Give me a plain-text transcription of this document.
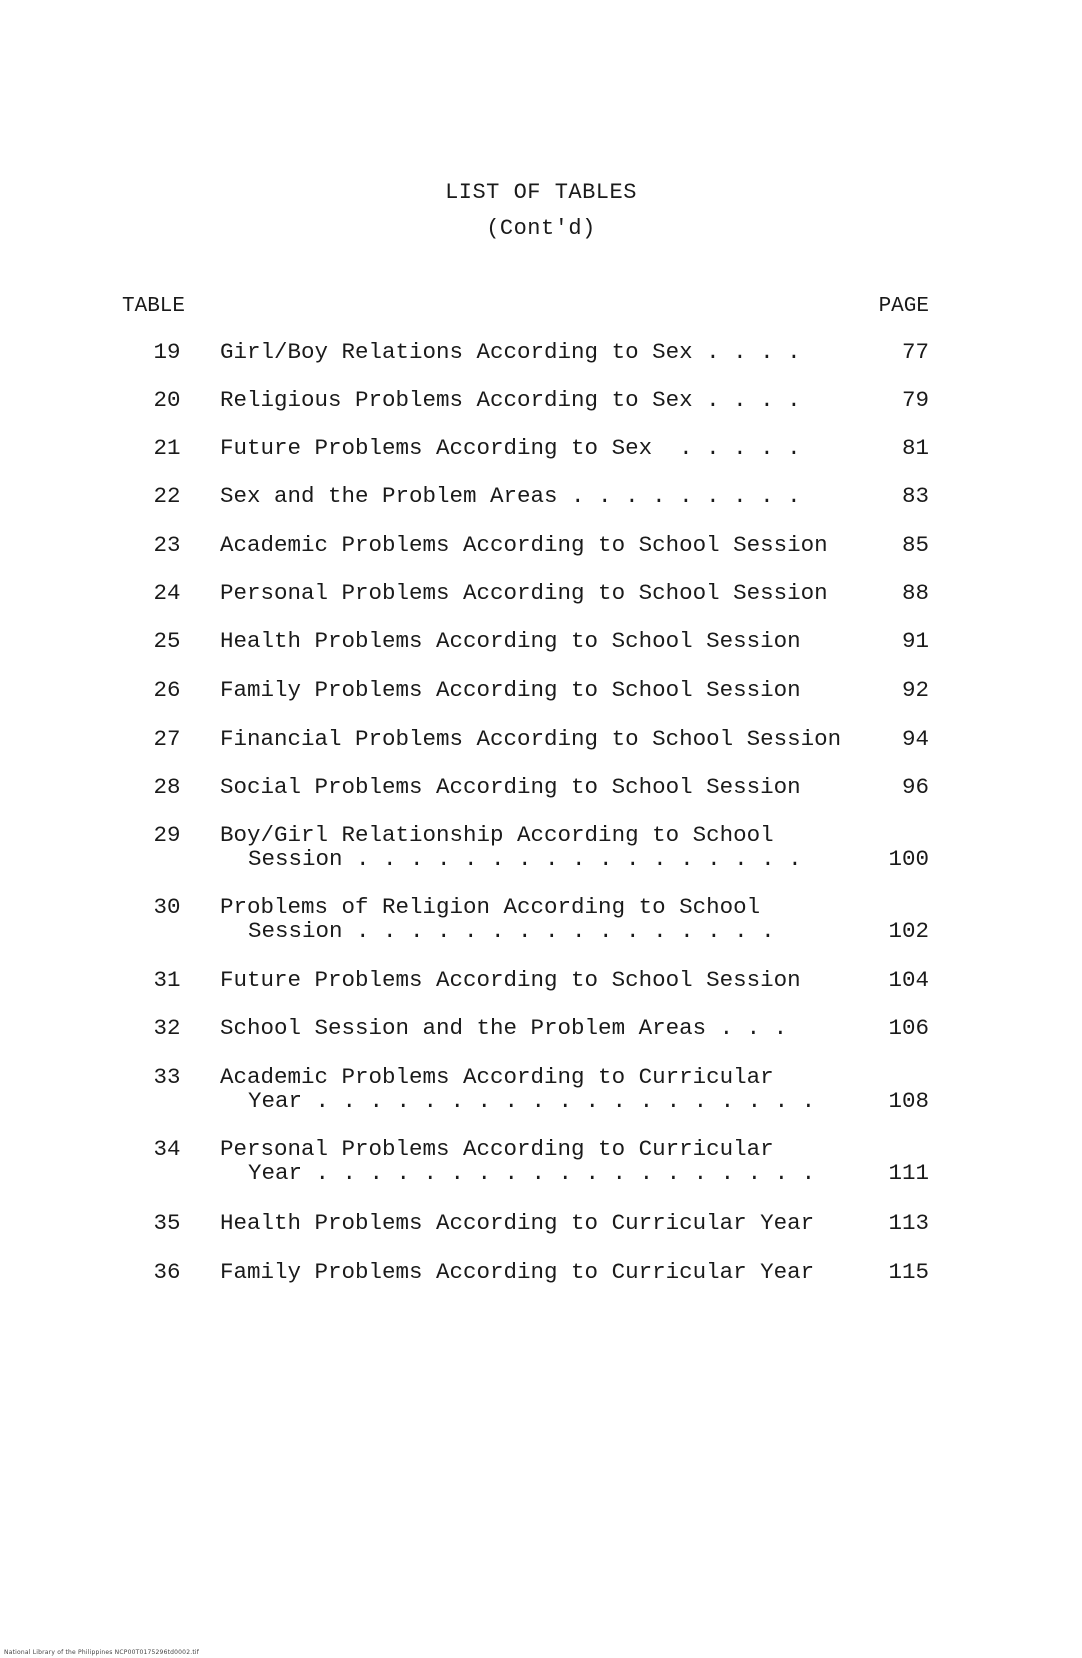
LIST OF TABLES
(Cont'd)
TABLE	PAGE
19 Girl/Boy Relations According to Sex . . . .	77
20 Religious Problems According to Sex . . . .	79
21 Future Problems According to Sex  . . . . .	81
22 Sex and the Problem Areas . . . . . . . . .	83
23 Academic Problems According to School Session	85
24 Personal Problems According to School Session	88
25 Health Problems According to School Session	91
26 Family Problems According to School Session	92
27 Financial Problems According to School Session	94
28 Social Problems According to School Session	96
29 Boy/Girl Relationship According to School
Session . . . . . . . . . . . . . . . . .	100
30 Problems of Religion According to School
Session . . . . . . . . . . . . . . . .	102
31 Future Problems According to School Session	104
32 School Session and the Problem Areas . . .	106
33 Academic Problems According to Curricular
Year . . . . . . . . . . . . . . . . . . .	108
34 Personal Problems According to Curricular
Year . . . . . . . . . . . . . . . . . . .	111
35 Health Problems According to Curricular Year	113
36 Family Problems According to Curricular Year	115
National Library of the Philippines NCP00T0175296td0002.tif
